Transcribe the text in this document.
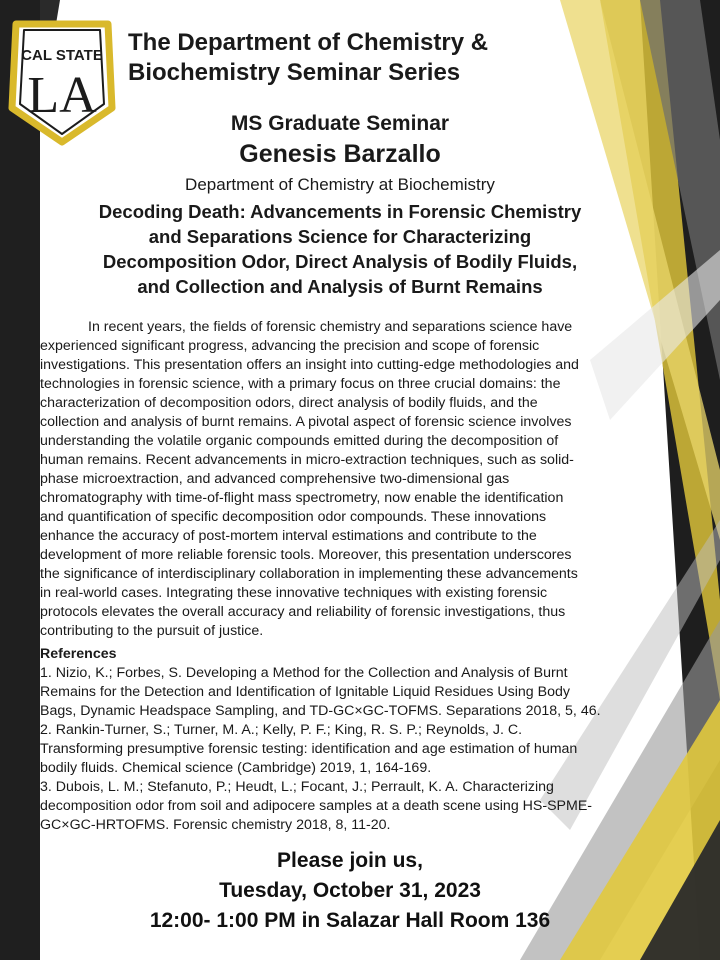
CAL STATE
LA
The Department of Chemistry &
Biochemistry Seminar Series
MS Graduate Seminar
Genesis Barzallo
Department of Chemistry at Biochemistry
Decoding Death: Advancements in Forensic Chemistry
and Separations Science for Characterizing
Decomposition Odor, Direct Analysis of Bodily Fluids,
and Collection and Analysis of Burnt Remains
In recent years, the fields of forensic chemistry and separations science have
experienced significant progress, advancing the precision and scope of forensic
investigations. This presentation offers an insight into cutting-edge methodologies and
technologies in forensic science, with a primary focus on three crucial domains: the
characterization of decomposition odors, direct analysis of bodily fluids, and the
collection and analysis of burnt remains. A pivotal aspect of forensic science involves
understanding the volatile organic compounds emitted during the decomposition of
human remains. Recent advancements in micro-extraction techniques, such as solid-
phase microextraction, and advanced comprehensive two-dimensional gas
chromatography with time-of-flight mass spectrometry, now enable the identification
and quantification of specific decomposition odor compounds. These innovations
enhance the accuracy of post-mortem interval estimations and contribute to the
development of more reliable forensic tools. Moreover, this presentation underscores
the significance of interdisciplinary collaboration in implementing these advancements
in real-world cases. Integrating these innovative techniques with existing forensic
protocols elevates the overall accuracy and reliability of forensic investigations, thus
contributing to the pursuit of justice.
References
1. Nizio, K.; Forbes, S. Developing a Method for the Collection and Analysis of Burnt
Remains for the Detection and Identification of Ignitable Liquid Residues Using Body
Bags, Dynamic Headspace Sampling, and TD-GC×GC-TOFMS. Separations 2018, 5, 46.
2. Rankin-Turner, S.; Turner, M. A.; Kelly, P. F.; King, R. S. P.; Reynolds, J. C.
Transforming presumptive forensic testing: identification and age estimation of human
bodily fluids. Chemical science (Cambridge) 2019, 1, 164-169.
3. Dubois, L. M.; Stefanuto, P.; Heudt, L.; Focant, J.; Perrault, K. A. Characterizing
decomposition odor from soil and adipocere samples at a death scene using HS-SPME-
GC×GC-HRTOFMS. Forensic chemistry 2018, 8, 11-20.
Please join us,
Tuesday, October 31, 2023
12:00- 1:00 PM in Salazar Hall Room 136
